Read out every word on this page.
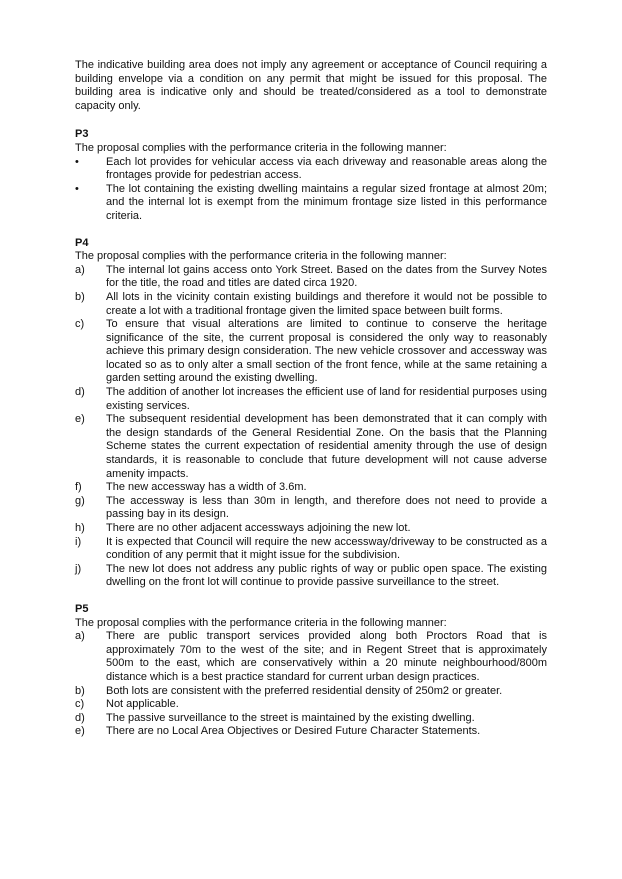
The indicative building area does not imply any agreement or acceptance of Council requiring a building envelope via a condition on any permit that might be issued for this proposal. The building area is indicative only and should be treated/considered as a tool to demonstrate capacity only.

P3

The proposal complies with the performance criteria in the following manner:

•	Each lot provides for vehicular access via each driveway and reasonable areas along the frontages provide for pedestrian access.
•	The lot containing the existing dwelling maintains a regular sized frontage at almost 20m; and the internal lot is exempt from the minimum frontage size listed in this performance criteria.

P4

The proposal complies with the performance criteria in the following manner:

a)	The internal lot gains access onto York Street. Based on the dates from the Survey Notes for the title, the road and titles are dated circa 1920.
b)	All lots in the vicinity contain existing buildings and therefore it would not be possible to create a lot with a traditional frontage given the limited space between built forms.
c)	To ensure that visual alterations are limited to continue to conserve the heritage significance of the site, the current proposal is considered the only way to reasonably achieve this primary design consideration. The new vehicle crossover and accessway was located so as to only alter a small section of the front fence, while at the same retaining a garden setting around the existing dwelling.
d)	The addition of another lot increases the efficient use of land for residential purposes using existing services.
e)	The subsequent residential development has been demonstrated that it can comply with the design standards of the General Residential Zone. On the basis that the Planning Scheme states the current expectation of residential amenity through the use of design standards, it is reasonable to conclude that future development will not cause adverse amenity impacts.
f)	The new accessway has a width of 3.6m.
g)	The accessway is less than 30m in length, and therefore does not need to provide a passing bay in its design.
h)	There are no other adjacent accessways adjoining the new lot.
i)	It is expected that Council will require the new accessway/driveway to be constructed as a condition of any permit that it might issue for the subdivision.
j)	The new lot does not address any public rights of way or public open space. The existing dwelling on the front lot will continue to provide passive surveillance to the street.

P5

The proposal complies with the performance criteria in the following manner:

a)	There are public transport services provided along both Proctors Road that is approximately 70m to the west of the site; and in Regent Street that is approximately 500m to the east, which are conservatively within a 20 minute neighbourhood/800m distance which is a best practice standard for current urban design practices.
b)	Both lots are consistent with the preferred residential density of 250m2 or greater.
c)	Not applicable.
d)	The passive surveillance to the street is maintained by the existing dwelling.
e)	There are no Local Area Objectives or Desired Future Character Statements.
